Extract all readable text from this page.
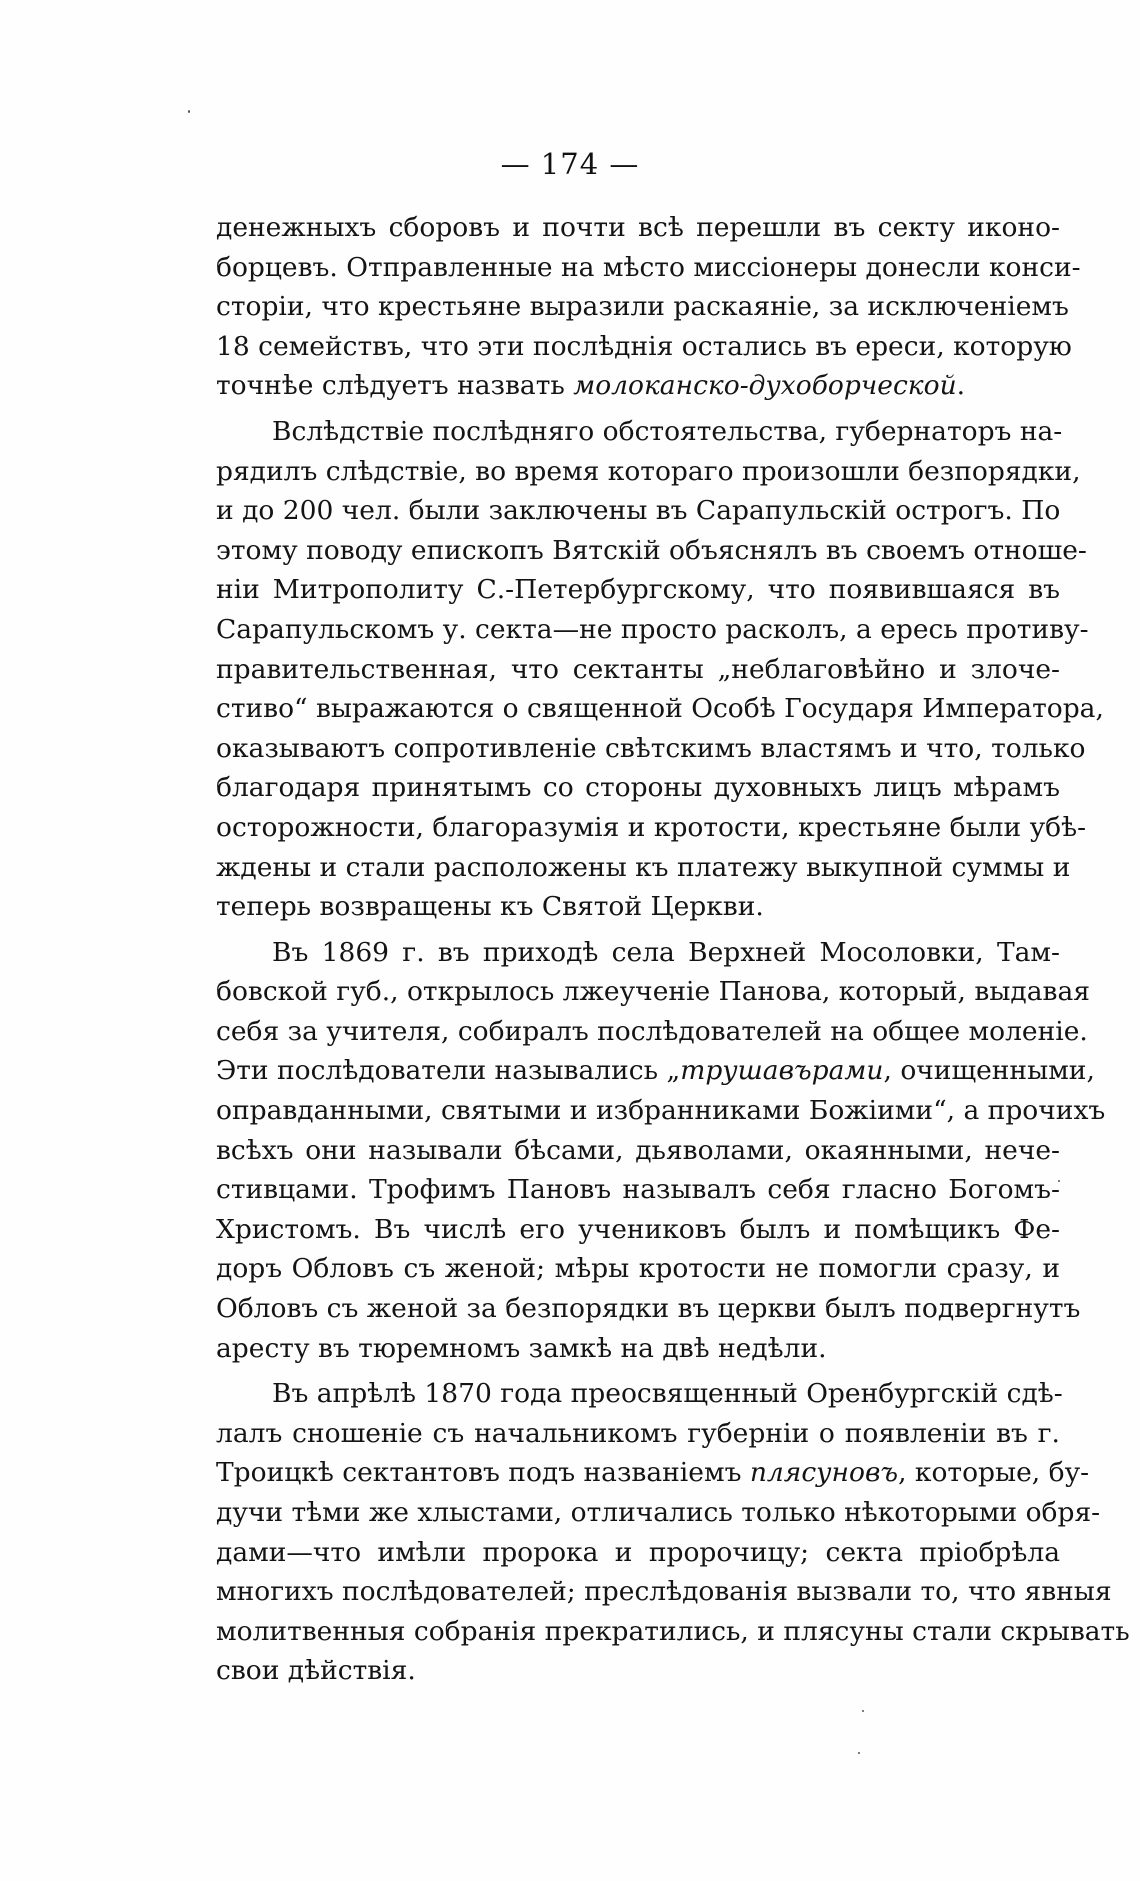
— 174 —
денежныхъ сборовъ и почти всѣ перешли въ секту иконо-
борцевъ. Отправленные на мѣсто миссіонеры донесли конси-
сторіи, что крестьяне выразили раскаяніе, за исключеніемъ
18 семействъ, что эти послѣднія остались въ ереси, которую
точнѣе слѣдуетъ назвать молоканско-духоборческой.
Вслѣдствіе послѣдняго обстоятельства, губернаторъ на-
рядилъ слѣдствіе, во время котораго произошли безпорядки,
и до 200 чел. были заключены въ Сарапульскій острогъ. По
этому поводу епископъ Вятскій объяснялъ въ своемъ отноше-
ніи Митрополиту С.-Петербургскому, что появившаяся въ
Сарапульскомъ у. секта—не просто расколъ, а ересь противу-
правительственная, что сектанты „неблаговѣйно и злоче-
стиво“ выражаются о священной Особѣ Государя Императора,
оказываютъ сопротивленіе свѣтскимъ властямъ и что, только
благодаря принятымъ со стороны духовныхъ лицъ мѣрамъ
осторожности, благоразумія и кротости, крестьяне были убѣ-
ждены и стали расположены къ платежу выкупной суммы и
теперь возвращены къ Святой Церкви.
Въ 1869 г. въ приходѣ села Верхней Мосоловки, Там-
бовской губ., открылось лжеученіе Панова, который, выдавая
себя за учителя, собиралъ послѣдователей на общее моленіе.
Эти послѣдователи назывались „трушавърами, очищенными,
оправданными, святыми и избранниками Божіими“, а прочихъ
всѣхъ они называли бѣсами, дьяволами, окаянными, нече-
стивцами. Трофимъ Пановъ называлъ себя гласно Богомъ-
Христомъ. Въ числѣ его учениковъ былъ и помѣщикъ Фе-
доръ Обловъ съ женой; мѣры кротости не помогли сразу, и
Обловъ съ женой за безпорядки въ церкви былъ подвергнутъ
аресту въ тюремномъ замкѣ на двѣ недѣли.
Въ апрѣлѣ 1870 года преосвященный Оренбургскій сдѣ-
лалъ сношеніе съ начальникомъ губерніи о появленіи въ г.
Троицкѣ сектантовъ подъ названіемъ плясуновъ, которые, бу-
дучи тѣми же хлыстами, отличались только нѣкоторыми обря-
дами—что имѣли пророка и пророчицу; секта пріобрѣла
многихъ послѣдователей; преслѣдованія вызвали то, что явныя
молитвенныя собранія прекратились, и плясуны стали скрывать
свои дѣйствія.
